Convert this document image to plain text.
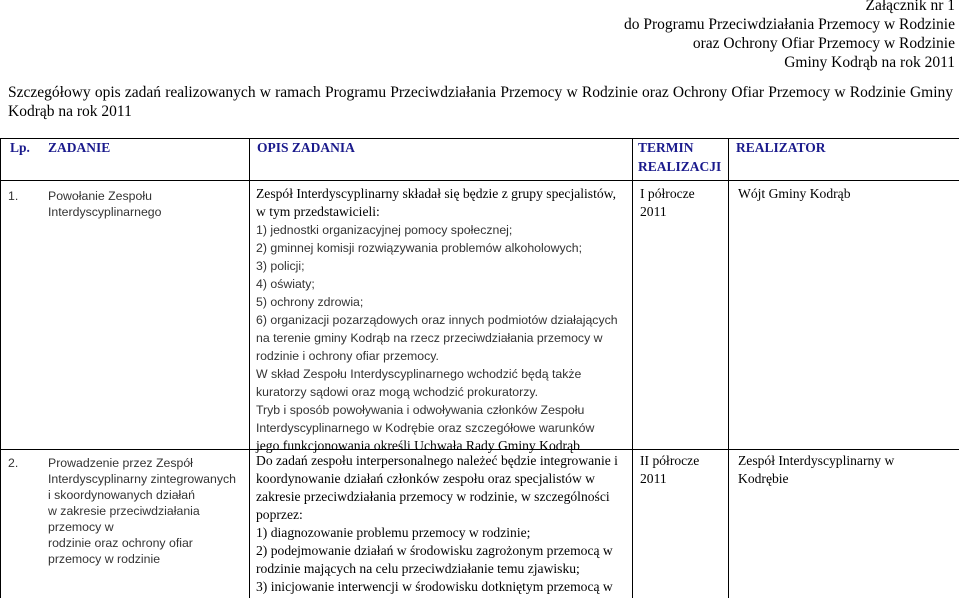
Załącznik nr 1
do Programu Przeciwdziałania Przemocy w Rodzinie
oraz Ochrony Ofiar Przemocy w Rodzinie
Gminy Kodrąb na rok 2011
Szczegółowy opis zadań realizowanych w ramach Programu Przeciwdziałania Przemocy w Rodzinie oraz Ochrony Ofiar Przemocy w Rodzinie Gminy
Kodrąb na rok 2011
Lp. ZADANIE	OPIS ZADANIA	TERMIN
REALIZACJI
REALIZATOR
1. Powołanie Zespołu
Interdyscyplinarnego
Zespół Interdyscyplinarny składał się będzie z grupy specjalistów,
w tym przedstawicieli:
1) jednostki organizacyjnej pomocy społecznej;
2) gminnej komisji rozwiązywania problemów alkoholowych;
3) policji;
4) oświaty;
5) ochrony zdrowia;
6) organizacji pozarządowych oraz innych podmiotów działających
na terenie gminy Kodrąb na rzecz przeciwdziałania przemocy w
rodzinie i ochrony ofiar przemocy.
W skład Zespołu Interdyscyplinarnego wchodzić będą także
kuratorzy sądowi oraz mogą wchodzić prokuratorzy.
Tryb i sposób powoływania i odwoływania członków Zespołu
Interdyscyplinarnego w Kodrębie oraz szczegółowe warunków
jego funkcjonowania określi Uchwała Rady Gminy Kodrąb
I półrocze
2011
Wójt Gminy Kodrąb
2. Prowadzenie przez Zespół
Interdyscyplinarny zintegrowanych
i skoordynowanych działań
w zakresie przeciwdziałania
przemocy w
rodzinie oraz ochrony ofiar
przemocy w rodzinie
Do zadań zespołu interpersonalnego należeć będzie integrowanie i
koordynowanie działań członków zespołu oraz specjalistów w
zakresie przeciwdziałania przemocy w rodzinie, w szczególności
poprzez:
1) diagnozowanie problemu przemocy w rodzinie;
2) podejmowanie działań w środowisku zagrożonym przemocą w
rodzinie mających na celu przeciwdziałanie temu zjawisku;
3) inicjowanie interwencji w środowisku dotkniętym przemocą w
II półrocze
2011
Zespół Interdyscyplinarny w
Kodrębie
